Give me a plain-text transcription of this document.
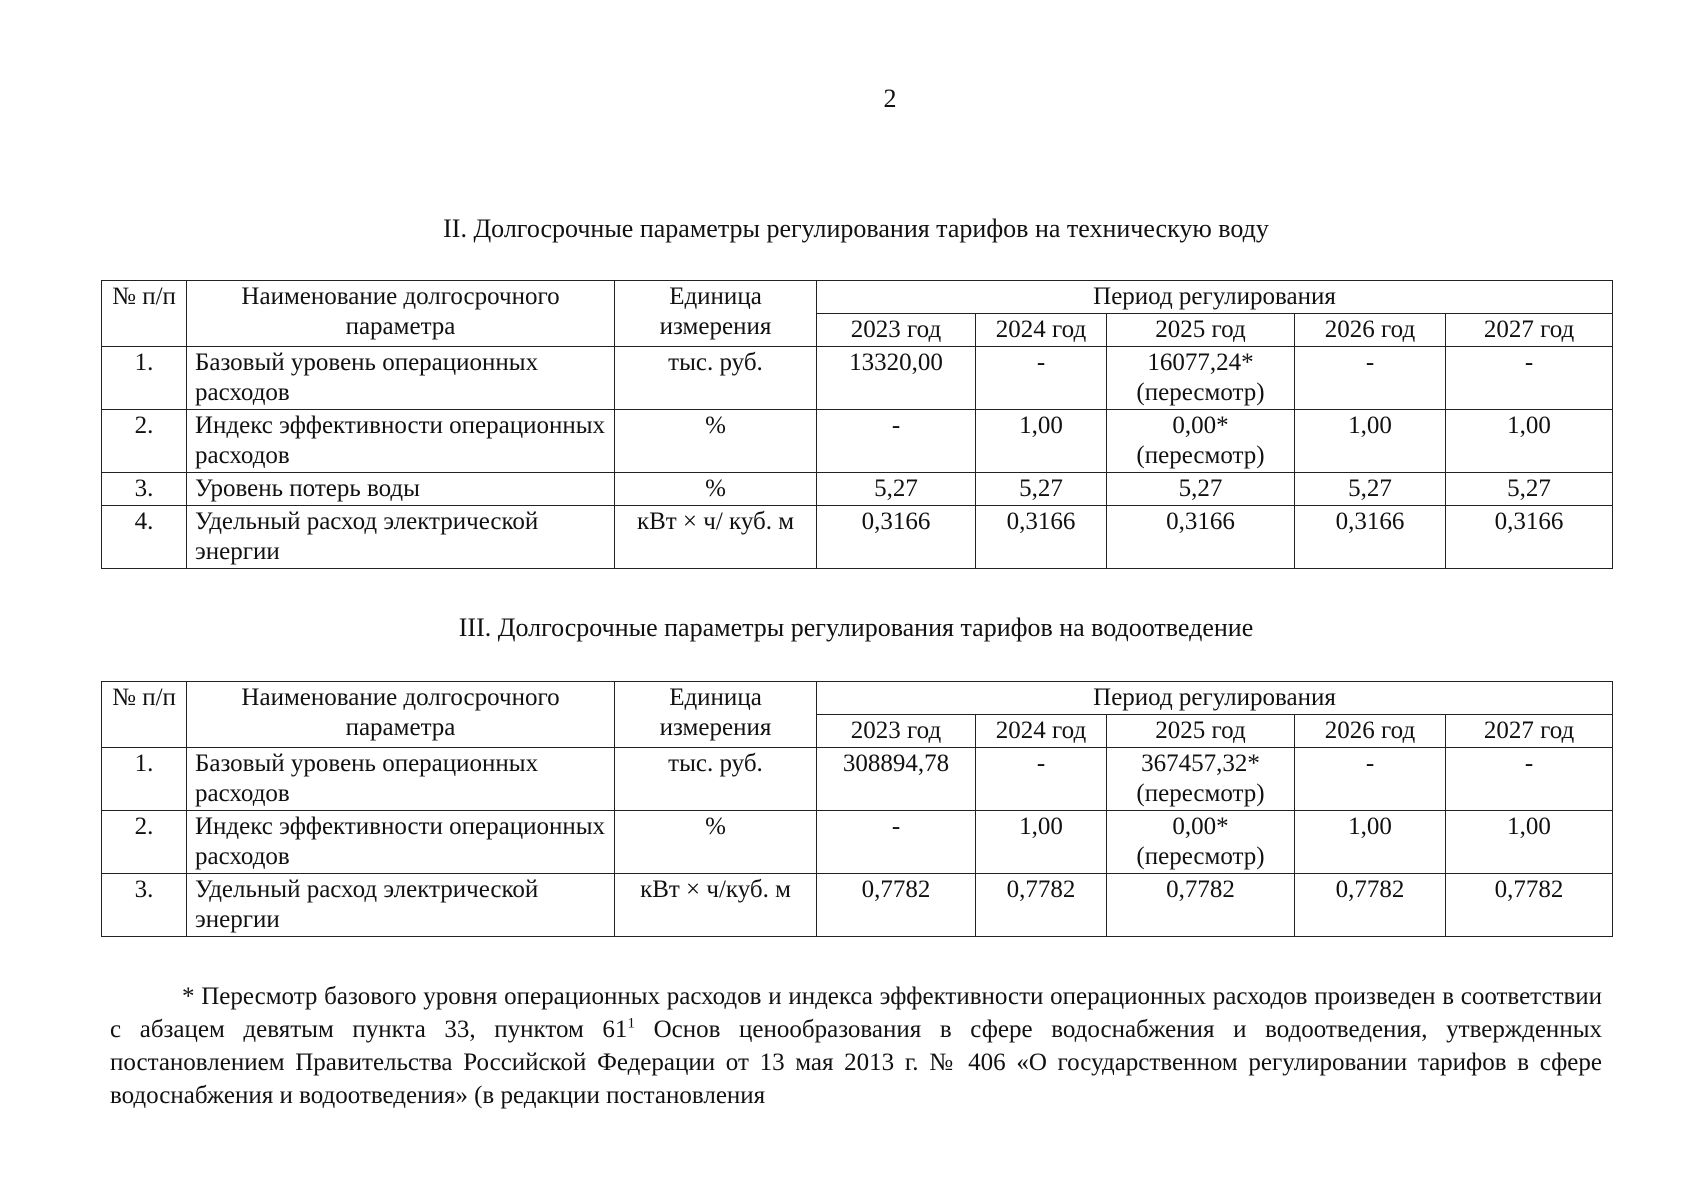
2
II. Долгосрочные параметры регулирования тарифов на техническую воду
№ п/п	Наименование долгосрочного параметра	Единица измерения	Период регулирования				
			2023 год	2024 год	2025 год	2026 год	2027 год
1.	Базовый уровень операционных расходов	тыс. руб.	13320,00	-	16077,24* (пересмотр)	-	-
2.	Индекс эффективности операционных расходов	%	-	1,00	0,00* (пересмотр)	1,00	1,00
3.	Уровень потерь воды	%	5,27	5,27	5,27	5,27	5,27
4.	Удельный расход электрической энергии	кВт × ч/ куб. м	0,3166	0,3166	0,3166	0,3166	0,3166
III. Долгосрочные параметры регулирования тарифов на водоотведение
№ п/п	Наименование долгосрочного параметра	Единица измерения	Период регулирования				
			2023 год	2024 год	2025 год	2026 год	2027 год
1.	Базовый уровень операционных расходов	тыс. руб.	308894,78	-	367457,32* (пересмотр)	-	-
2.	Индекс эффективности операционных расходов	%	-	1,00	0,00* (пересмотр)	1,00	1,00
3.	Удельный расход электрической энергии	кВт × ч/куб. м	0,7782	0,7782	0,7782	0,7782	0,7782
* Пересмотр базового уровня операционных расходов и индекса эффективности операционных расходов произведен в соответствии с абзацем девятым пункта 33, пунктом $61^1$ Основ ценообразования в сфере водоснабжения и водоотведения, утвержденных постановлением Правительства Российской Федерации от 13 мая 2013 г. № 406 «О государственном регулировании тарифов в сфере водоснабжения и водоотведения» (в редакции постановления
